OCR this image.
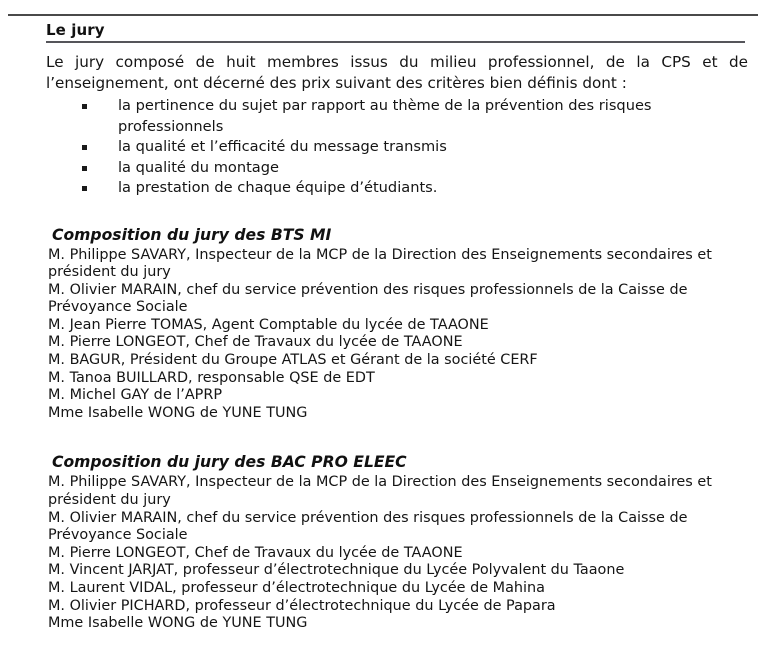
Le jury

Le jury composé de huit membres issus du milieu professionnel, de la CPS et de l’enseignement, ont décerné des prix suivant des critères bien définis dont :

la pertinence du sujet par rapport au thème de la prévention des risques professionnels
la qualité et l’efficacité du message transmis
la qualité du montage
la prestation de chaque équipe d’étudiants.
Composition du jury des BTS MI
M. Philippe SAVARY, Inspecteur de la MCP de la Direction des Enseignements secondaires et président du jury
M. Olivier MARAIN, chef du service prévention des risques professionnels de la Caisse de Prévoyance Sociale
M. Jean Pierre TOMAS, Agent Comptable du lycée de TAAONE
M. Pierre LONGEOT, Chef de Travaux du lycée de TAAONE
M. BAGUR, Président du Groupe ATLAS et Gérant de la société CERF
M. Tanoa BUILLARD, responsable QSE de EDT
M. Michel GAY de l’APRP
Mme Isabelle WONG de YUNE TUNG
Composition du jury des BAC PRO ELEEC
M. Philippe SAVARY, Inspecteur de la MCP de la Direction des Enseignements secondaires et président du jury
M. Olivier MARAIN, chef du service prévention des risques professionnels de la Caisse de Prévoyance Sociale
M. Pierre LONGEOT, Chef de Travaux du lycée de TAAONE
M. Vincent JARJAT, professeur d’électrotechnique du Lycée Polyvalent du Taaone
M. Laurent VIDAL, professeur d’électrotechnique du Lycée de Mahina
M. Olivier PICHARD, professeur d’électrotechnique du Lycée de Papara
Mme Isabelle WONG de YUNE TUNG
